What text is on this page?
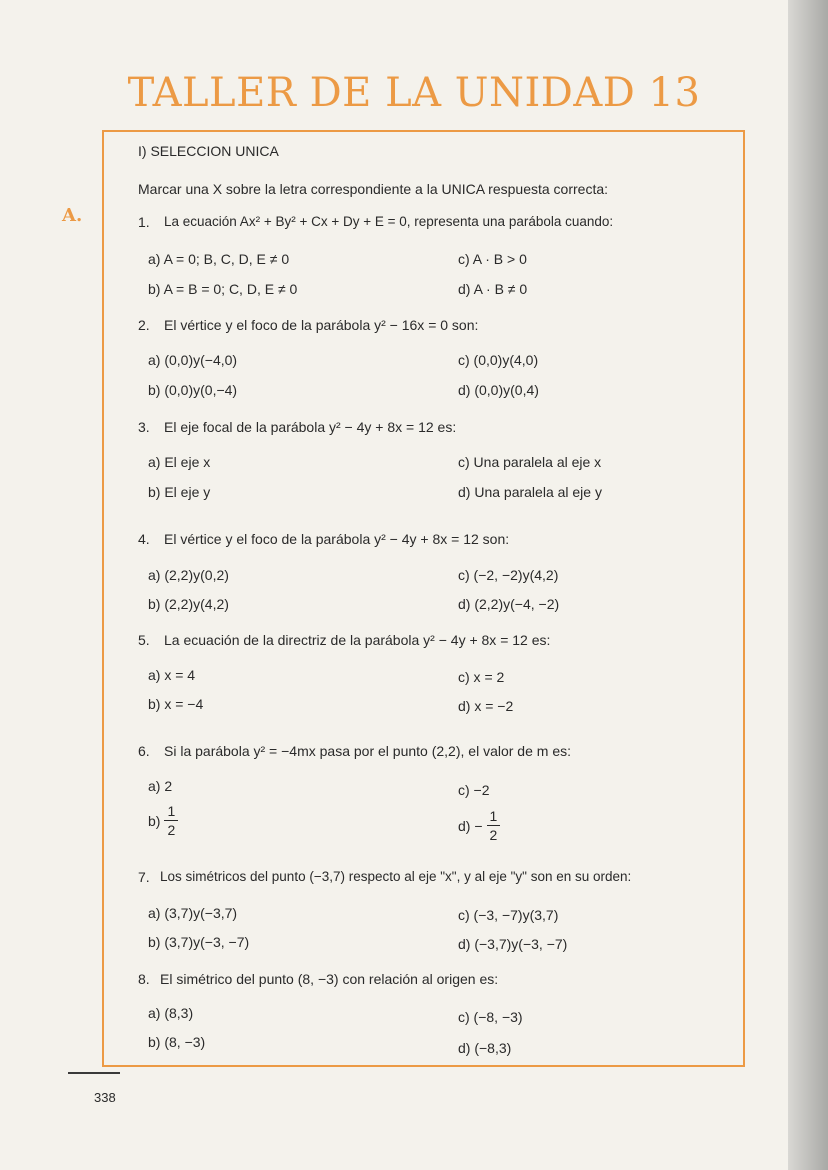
TALLER DE LA UNIDAD 13
A.
I) SELECCION UNICA
Marcar una X sobre la letra correspondiente a la UNICA respuesta correcta:
1. La ecuación Ax² + By² + Cx + Dy + E = 0, representa una parábola cuando:
a) A = 0; B, C, D, E ≠ 0	c) A · B > 0
b) A = B = 0; C, D, E ≠ 0	d) A · B ≠ 0
2. El vértice y el foco de la parábola y² − 16x = 0 son:
a) (0,0)y(−4,0)	c) (0,0)y(4,0)
b) (0,0)y(0,−4)	d) (0,0)y(0,4)
3. El eje focal de la parábola y² − 4y + 8x = 12 es:
a) El eje x	c) Una paralela al eje x
b) El eje y	d) Una paralela al eje y
4. El vértice y el foco de la parábola y² − 4y + 8x = 12 son:
a) (2,2)y(0,2)	c) (−2, −2)y(4,2)
b) (2,2)y(4,2)	d) (2,2)y(−4, −2)
5. La ecuación de la directriz de la parábola y² − 4y + 8x = 12 es:
a) x = 4	c) x = 2
b) x = −4	d) x = −2
6. Si la parábola y² = −4mx pasa por el punto (2,2), el valor de m es:
a) 2	c) −2
$b) \frac{1}{2}$	$d) - \frac{1}{2}$
7. Los simétricos del punto (−3,7) respecto al eje "x", y al eje "y" son en su orden:
a) (3,7)y(−3,7)	c) (−3, −7)y(3,7)
b) (3,7)y(−3, −7)	d) (−3,7)y(−3, −7)
8. El simétrico del punto (8, −3) con relación al origen es:
a) (8,3)	c) (−8, −3)
b) (8, −3)	d) (−8,3)
338
